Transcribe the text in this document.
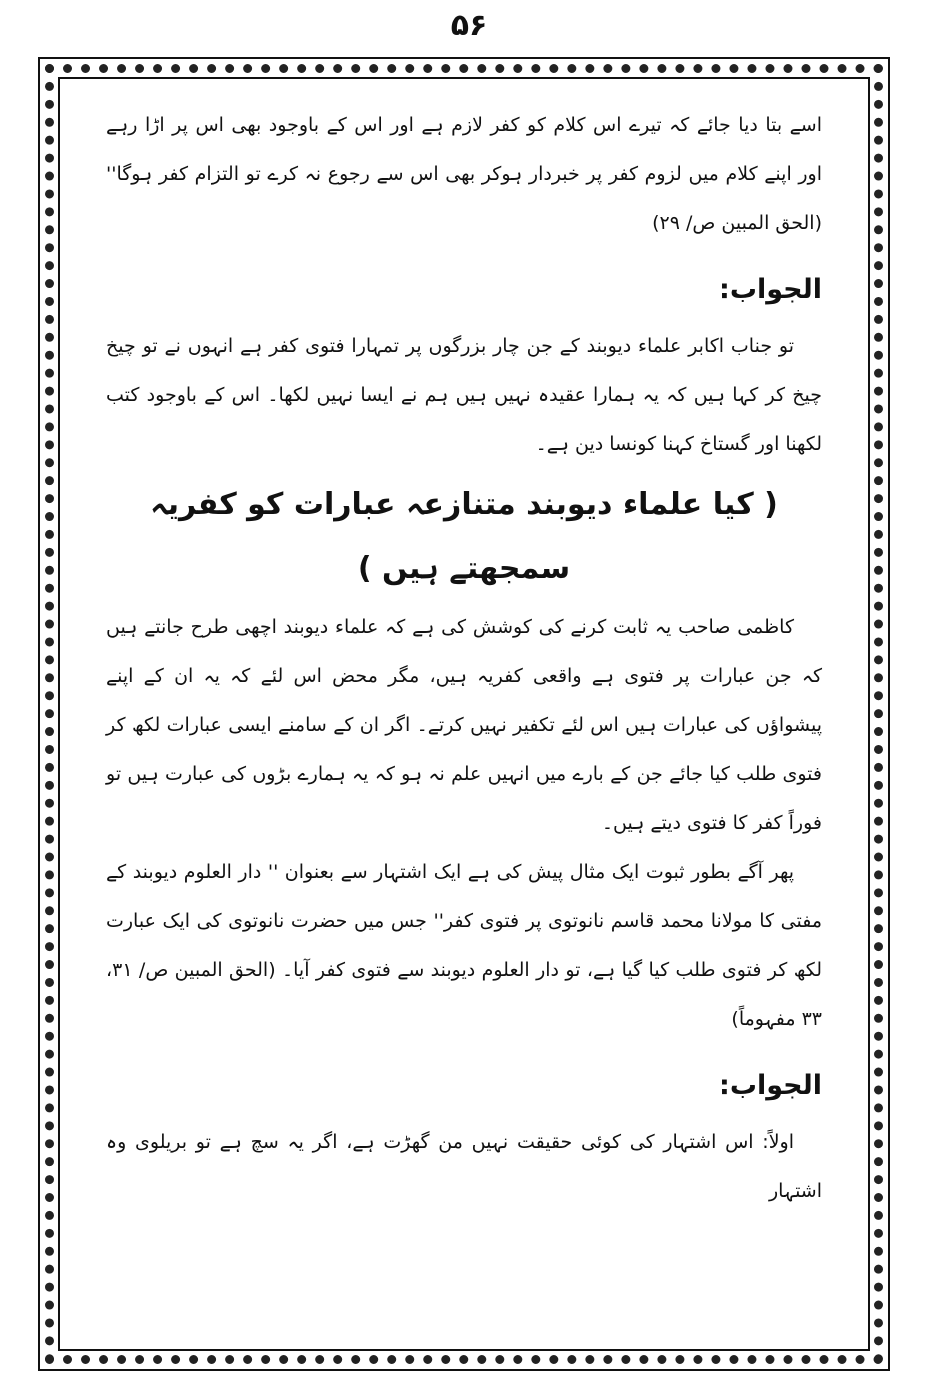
۵۶

اسے بتا دیا جائے کہ تیرے اس کلام کو کفر لازم ہے اور اس کے باوجود بھی اس پر اڑا رہے اور اپنے کلام میں لزوم کفر پر خبردار ہوکر بھی اس سے رجوع نہ کرے تو التزام کفر ہوگا'' (الحق المبین ص/ ۲۹)

الجواب:

تو جناب اکابر علماء دیوبند کے جن چار بزرگوں پر تمہارا فتوی کفر ہے انہوں نے تو چیخ چیخ کر کہا ہیں کہ یہ ہمارا عقیدہ نہیں ہیں ہم نے ایسا نہیں لکھا۔ اس کے باوجود کتب لکھنا اور گستاخ کہنا کونسا دین ہے۔

( کیا علماء دیوبند متنازعہ عبارات کو کفریہ سمجھتے ہیں )

کاظمی صاحب یہ ثابت کرنے کی کوشش کی ہے کہ علماء دیوبند اچھی طرح جانتے ہیں کہ جن عبارات پر فتوی ہے واقعی کفریہ ہیں، مگر محض اس لئے کہ یہ ان کے اپنے پیشواؤں کی عبارات ہیں اس لئے تکفیر نہیں کرتے۔ اگر ان کے سامنے ایسی عبارات لکھ کر فتوی طلب کیا جائے جن کے بارے میں انہیں علم نہ ہو کہ یہ ہمارے بڑوں کی عبارت ہیں تو فوراً کفر کا فتوی دیتے ہیں۔

پھر آگے بطور ثبوت ایک مثال پیش کی ہے ایک اشتہار سے بعنوان '' دار العلوم دیوبند کے مفتی کا مولانا محمد قاسم نانوتوی پر فتوی کفر'' جس میں حضرت نانوتوی کی ایک عبارت لکھ کر فتوی طلب کیا گیا ہے، تو دار العلوم دیوبند سے فتوی کفر آیا۔ (الحق المبین ص/ ۳۱، ۳۳ مفہوماً)

الجواب:

اولاً: اس اشتہار کی کوئی حقیقت نہیں من گھڑت ہے، اگر یہ سچ ہے تو بریلوی وہ اشتہار
